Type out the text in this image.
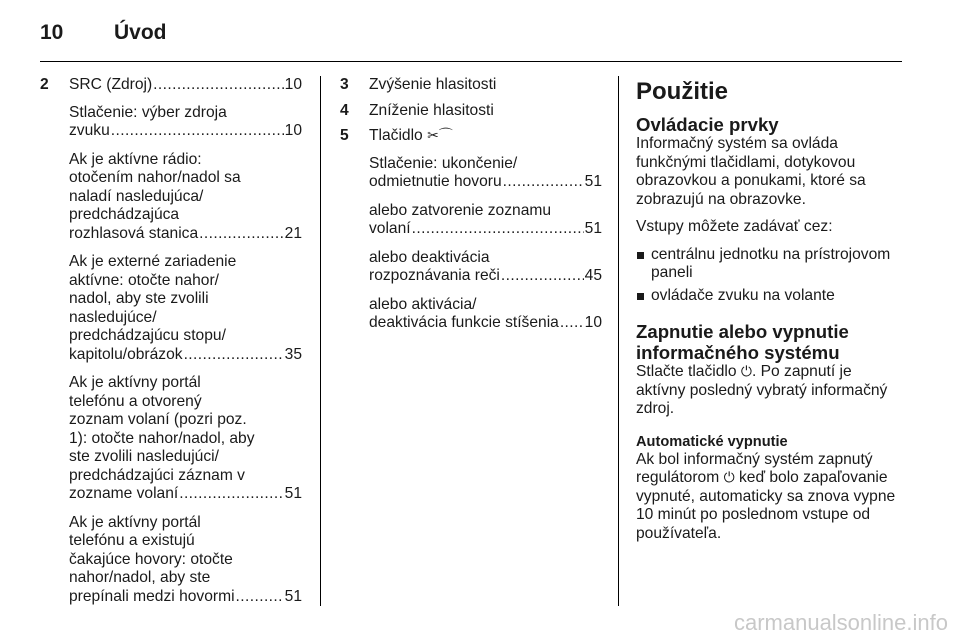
10	Úvod
2 SRC (Zdroj) .....	10
Stlačenie: výber zdroja
zvuku .....	10
Ak je aktívne rádio:
otočením nahor/nadol sa
naladí nasledujúca/
predchádzajúca
rozhlasová stanica .....	21
Ak je externé zariadenie
aktívne: otočte nahor/
nadol, aby ste zvolili
nasledujúce/
predchádzajúcu stopu/
kapitolu/obrázok .....	35
Ak je aktívny portál
telefónu a otvorený
zoznam volaní (pozri poz.
1): otočte nahor/nadol, aby
ste zvolili nasledujúci/
predchádzajúci záznam v
zozname volaní .....	51
Ak je aktívny portál
telefónu a existujú
čakajúce hovory: otočte
nahor/nadol, aby ste
prepínali medzi hovormi .....	51
3 Zvýšenie hlasitosti
4 Zníženie hlasitosti
5 Tlačidlo ✂⌒
Stlačenie: ukončenie/
odmietnutie hovoru .....	51
alebo zatvorenie zoznamu
volaní .....	51
alebo deaktivácia
rozpoznávania reči .....	45
alebo aktivácia/
deaktivácia funkcie stíšenia ..... 10
Použitie
Ovládacie prvky
Informačný systém sa ovláda funkčnými tlačidlami, dotykovou obrazovkou a ponukami, ktoré sa zobrazujú na obrazovke.
Vstupy môžete zadávať cez:
centrálnu jednotku na prístrojovom paneli
ovládače zvuku na volante
Zapnutie alebo vypnutie informačného systému
Stlačte tlačidlo ⏻. Po zapnutí je aktívny posledný vybratý informačný zdroj.
Automatické vypnutie
Ak bol informačný systém zapnutý regulátorom ⏻ keď bolo zapaľovanie vypnuté, automaticky sa znova vypne 10 minút po poslednom vstupe od používateľa.
carmanualsonline.info
